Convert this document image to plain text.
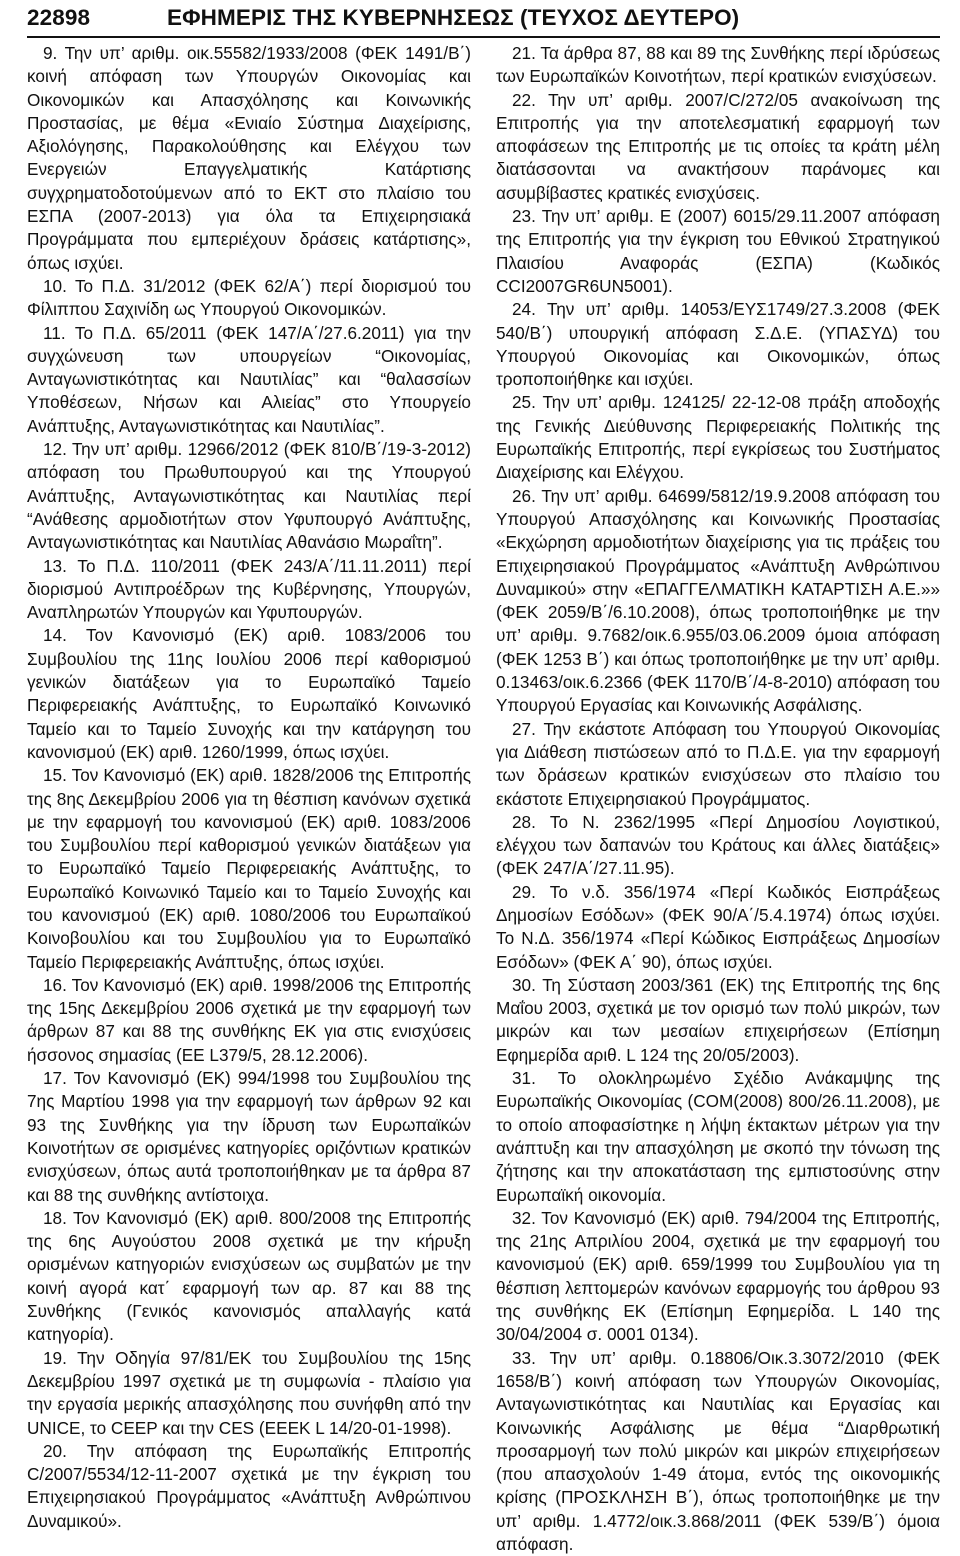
22898	ΕΦΗΜΕΡΙΣ ΤΗΣ ΚΥΒΕΡΝΗΣΕΩΣ (ΤΕΥΧΟΣ ΔΕΥΤΕΡΟ)

9. Την υπ’ αριθμ. οικ.55582/1933/2008 (ΦΕΚ 1491/Β΄) κοινή απόφαση των Υπουργών Οικονομίας και Οικονομικών και Απασχόλησης και Κοινωνικής Προστασίας, με θέμα «Ενιαίο Σύστημα Διαχείρισης, Αξιολόγησης, Παρακολούθησης και Ελέγχου των Ενεργειών Επαγγελματικής Κατάρτισης συγχρηματοδοτούμενων από το ΕΚΤ στο πλαίσιο του ΕΣΠΑ (2007-2013) για όλα τα Επιχειρησιακά Προγράμματα που εμπεριέχουν δράσεις κατάρτισης», όπως ισχύει.

10. Το Π.Δ. 31/2012 (ΦΕΚ 62/Α΄) περί διορισμού του Φίλιππου Σαχινίδη ως Υπουργού Οικονομικών.

11. Το Π.Δ. 65/2011 (ΦΕΚ 147/Α΄/27.6.2011) για την συγχώνευση των υπουργείων “Οικονομίας, Ανταγωνιστικότητας και Ναυτιλίας” και “θαλασσίων Υποθέσεων, Νήσων και Αλιείας” στο Υπουργείο Ανάπτυξης, Ανταγωνιστικότητας και Ναυτιλίας”.

12. Την υπ’ αριθμ. 12966/2012 (ΦΕΚ 810/Β΄/19-3-2012) απόφαση του Πρωθυπουργού και της Υπουργού Ανάπτυξης, Ανταγωνιστικότητας και Ναυτιλίας περί “Ανάθεσης αρμοδιοτήτων στον Υφυπουργό Ανάπτυξης, Ανταγωνιστικότητας και Ναυτιλίας Αθανάσιο Μωραΐτη”.

13. Το Π.Δ. 110/2011 (ΦΕΚ 243/Α΄/11.11.2011) περί διορισμού Αντιπροέδρων της Κυβέρνησης, Υπουργών, Αναπληρωτών Υπουργών και Υφυπουργών.

14. Τον Κανονισμό (ΕΚ) αριθ. 1083/2006 του Συμβουλίου της 11ης Ιουλίου 2006 περί καθορισμού γενικών διατάξεων για το Ευρωπαϊκό Ταμείο Περιφερειακής Ανάπτυξης, το Ευρωπαϊκό Κοινωνικό Ταμείο και το Ταμείο Συνοχής και την κατάργηση του κανονισμού (ΕΚ) αριθ. 1260/1999, όπως ισχύει.

15. Τον Κανονισμό (ΕΚ) αριθ. 1828/2006 της Επιτροπής της 8ης Δεκεμβρίου 2006 για τη θέσπιση κανόνων σχετικά με την εφαρμογή του κανονισμού (ΕΚ) αριθ. 1083/2006 του Συμβουλίου περί καθορισμού γενικών διατάξεων για το Ευρωπαϊκό Ταμείο Περιφερειακής Ανάπτυξης, το Ευρωπαϊκό Κοινωνικό Ταμείο και το Ταμείο Συνοχής και του κανονισμού (ΕΚ) αριθ. 1080/2006 του Ευρωπαϊκού Κοινοβουλίου και του Συμβουλίου για το Ευρωπαϊκό Ταμείο Περιφερειακής Ανάπτυξης, όπως ισχύει.

16. Τον Κανονισμό (ΕΚ) αριθ. 1998/2006 της Επιτροπής της 15ης Δεκεμβρίου 2006 σχετικά με την εφαρμογή των άρθρων 87 και 88 της συνθήκης ΕΚ για στις ενισχύσεις ήσσονος σημασίας (ΕΕ L379/5, 28.12.2006).

17. Τον Κανονισμό (ΕΚ) 994/1998 του Συμβουλίου της 7ης Μαρτίου 1998 για την εφαρμογή των άρθρων 92 και 93 της Συνθήκης για την ίδρυση των Ευρωπαϊκών Κοινοτήτων σε ορισμένες κατηγορίες οριζόντιων κρατικών ενισχύσεων, όπως αυτά τροποποιήθηκαν με τα άρθρα 87 και 88 της συνθήκης αντίστοιχα.

18. Τον Κανονισμό (ΕΚ) αριθ. 800/2008 της Επιτροπής της 6ης Αυγούστου 2008 σχετικά με την κήρυξη ορισμένων κατηγοριών ενισχύσεων ως συμβατών με την κοινή αγορά κατ΄ εφαρμογή των αρ. 87 και 88 της Συνθήκης (Γενικός κανονισμός απαλλαγής κατά κατηγορία).

19. Την Οδηγία 97/81/ΕΚ του Συμβουλίου της 15ης Δεκεμβρίου 1997 σχετικά με τη συμφωνία - πλαίσιο για την εργασία μερικής απασχόλησης που συνήφθη από την UNICE, το CEEP και την CES (ΕΕΕΚ L 14/20-01-1998).

20. Την απόφαση της Ευρωπαϊκής Επιτροπής C/2007/5534/12-11-2007 σχετικά με την έγκριση του Επιχειρησιακού Προγράμματος «Ανάπτυξη Ανθρώπινου Δυναμικού».

21. Τα άρθρα 87, 88 και 89 της Συνθήκης περί ιδρύσεως των Ευρωπαϊκών Κοινοτήτων, περί κρατικών ενισχύσεων.

22. Την υπ’ αριθμ. 2007/C/272/05 ανακοίνωση της Επιτροπής για την αποτελεσματική εφαρμογή των αποφάσεων της Επιτροπής με τις οποίες τα κράτη μέλη διατάσσονται να ανακτήσουν παράνομες και ασυμβίβαστες κρατικές ενισχύσεις.

23. Την υπ’ αριθμ. Ε (2007) 6015/29.11.2007 απόφαση της Επιτροπής για την έγκριση του Εθνικού Στρατηγικού Πλαισίου Αναφοράς (ΕΣΠΑ) (Κωδικός CCI2007GR6UN5001).

24. Την υπ’ αριθμ. 14053/ΕΥΣ1749/27.3.2008 (ΦΕΚ 540/Β΄) υπουργική απόφαση Σ.Δ.Ε. (ΥΠΑΣΥΔ) του Υπουργού Οικονομίας και Οικονομικών, όπως τροποποιήθηκε και ισχύει.

25. Την υπ’ αριθμ. 124125/ 22-12-08 πράξη αποδοχής της Γενικής Διεύθυνσης Περιφερειακής Πολιτικής της Ευρωπαϊκής Επιτροπής, περί εγκρίσεως του Συστήματος Διαχείρισης και Ελέγχου.

26. Την υπ’ αριθμ. 64699/5812/19.9.2008 απόφαση του Υπουργού Απασχόλησης και Κοινωνικής Προστασίας «Εκχώρηση αρμοδιοτήτων διαχείρισης για τις πράξεις του Επιχειρησιακού Προγράμματος «Ανάπτυξη Ανθρώπινου Δυναμικού» στην «ΕΠΑΓΓΕΛΜΑΤΙΚΗ ΚΑΤΑΡΤΙΣΗ Α.Ε.»» (ΦΕΚ 2059/Β΄/6.10.2008), όπως τροποποιήθηκε με την υπ’ αριθμ. 9.7682/οικ.6.955/03.06.2009 όμοια απόφαση (ΦΕΚ 1253 Β΄) και όπως τροποποιήθηκε με την υπ’ αριθμ. 0.13463/οικ.6.2366 (ΦΕΚ 1170/Β΄/4-8-2010) απόφαση του Υπουργού Εργασίας και Κοινωνικής Ασφάλισης.

27. Την εκάστοτε Απόφαση του Υπουργού Οικονομίας για Διάθεση πιστώσεων από το Π.Δ.Ε. για την εφαρμογή των δράσεων κρατικών ενισχύσεων στο πλαίσιο του εκάστοτε Επιχειρησιακού Προγράμματος.

28. Το Ν. 2362/1995 «Περί Δημοσίου Λογιστικού, ελέγχου των δαπανών του Κράτους και άλλες διατάξεις» (ΦΕΚ 247/Α΄/27.11.95).

29. Το ν.δ. 356/1974 «Περί Κωδικός Εισπράξεως Δημοσίων Εσόδων» (ΦΕΚ 90/Α΄/5.4.1974) όπως ισχύει. Το Ν.Δ. 356/1974 «Περί Κώδικος Εισπράξεως Δημοσίων Εσόδων» (ΦΕΚ Α΄ 90), όπως ισχύει.

30. Τη Σύσταση 2003/361 (ΕΚ) της Επιτροπής της 6ης Μαΐου 2003, σχετικά με τον ορισμό των πολύ μικρών, των μικρών και των μεσαίων επιχειρήσεων (Επίσημη Εφημερίδα αριθ. L 124 της 20/05/2003).

31. Το ολοκληρωμένο Σχέδιο Ανάκαμψης της Ευρωπαϊκής Οικονομίας (COM(2008) 800/26.11.2008), με το οποίο αποφασίστηκε η λήψη έκτακτων μέτρων για την ανάπτυξη και την απασχόληση με σκοπό την τόνωση της ζήτησης και την αποκατάσταση της εμπιστοσύνης στην Ευρωπαϊκή οικονομία.

32. Τον Κανονισμό (ΕΚ) αριθ. 794/2004 της Επιτροπής, της 21ης Απριλίου 2004, σχετικά με την εφαρμογή του κανονισμού (ΕΚ) αριθ. 659/1999 του Συμβουλίου για τη θέσπιση λεπτομερών κανόνων εφαρμογής του άρθρου 93 της συνθήκης ΕΚ (Επίσημη Εφημερίδα. L 140 της 30/04/2004 σ. 0001 0134).

33. Την υπ’ αριθμ. 0.18806/Οικ.3.3072/2010 (ΦΕΚ 1658/Β΄) κοινή απόφαση των Υπουργών Οικονομίας, Ανταγωνιστικότητας και Ναυτιλίας και Εργασίας και Κοινωνικής Ασφάλισης με θέμα “Διαρθρωτική προσαρμογή των πολύ μικρών και μικρών επιχειρήσεων (που απασχολούν 1-49 άτομα, εντός της οικονομικής κρίσης (ΠΡΟΣΚΛΗΣΗ Β΄), όπως τροποποιήθηκε με την υπ’ αριθμ. 1.4772/οικ.3.868/2011 (ΦΕΚ 539/Β΄) όμοια απόφαση.
